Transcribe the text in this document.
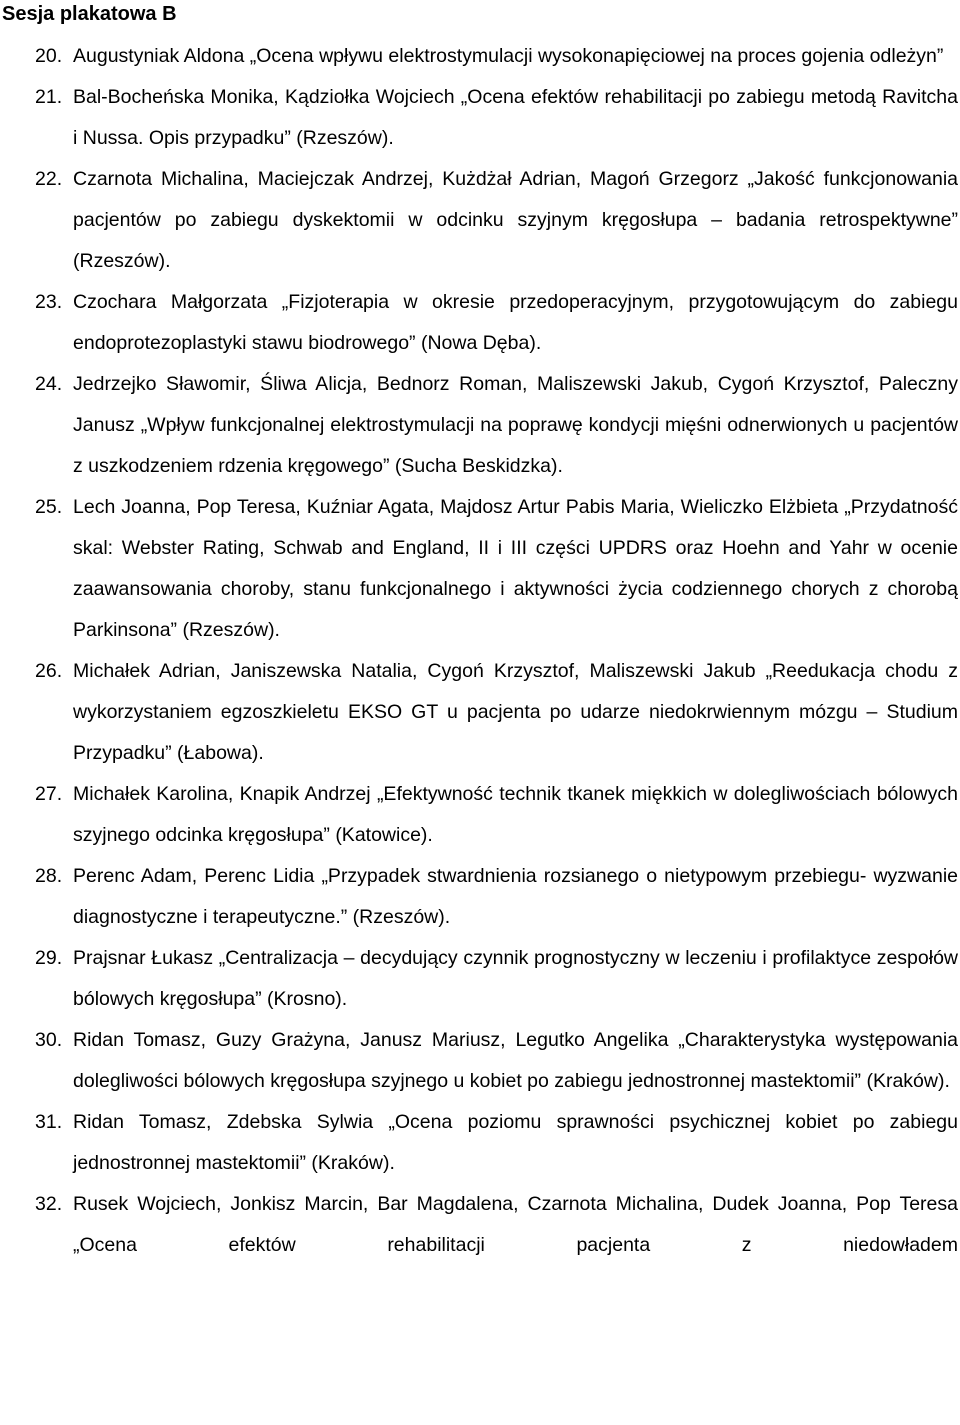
Sesja plakatowa B
20. Augustyniak Aldona „Ocena wpływu elektrostymulacji wysokonapięciowej na proces gojenia odleżyn”
21. Bal-Bocheńska Monika, Kądziołka Wojciech „Ocena efektów rehabilitacji po zabiegu metodą Ravitcha i Nussa. Opis przypadku” (Rzeszów).
22. Czarnota Michalina, Maciejczak Andrzej, Kużdżał Adrian, Magoń Grzegorz „Jakość funkcjonowania pacjentów po zabiegu dyskektomii w odcinku szyjnym kręgosłupa – badania retrospektywne” (Rzeszów).
23. Czochara Małgorzata „Fizjoterapia w okresie przedoperacyjnym, przygotowującym do zabiegu endoprotezoplastyki stawu biodrowego” (Nowa Dęba).
24. Jedrzejko Sławomir, Śliwa Alicja, Bednorz Roman, Maliszewski Jakub, Cygoń Krzysztof, Paleczny Janusz „Wpływ funkcjonalnej elektrostymulacji na poprawę kondycji mięśni odnerwionych u pacjentów z uszkodzeniem rdzenia kręgowego” (Sucha Beskidzka).
25. Lech Joanna, Pop Teresa, Kuźniar Agata, Majdosz Artur Pabis Maria, Wieliczko Elżbieta „Przydatność skal: Webster Rating, Schwab and England, II i III części UPDRS oraz Hoehn and Yahr w ocenie zaawansowania choroby, stanu funkcjonalnego i aktywności życia codziennego chorych z chorobą Parkinsona” (Rzeszów).
26. Michałek Adrian, Janiszewska Natalia, Cygoń Krzysztof, Maliszewski Jakub „Reedukacja chodu z wykorzystaniem egzoszkieletu EKSO GT u pacjenta po udarze niedokrwiennym mózgu – Studium Przypadku” (Łabowa).
27. Michałek Karolina, Knapik Andrzej „Efektywność technik tkanek miękkich w dolegliwościach bólowych szyjnego odcinka kręgosłupa” (Katowice).
28. Perenc Adam, Perenc Lidia „Przypadek stwardnienia rozsianego o nietypowym przebiegu- wyzwanie diagnostyczne i terapeutyczne.” (Rzeszów).
29. Prajsnar Łukasz „Centralizacja – decydujący czynnik prognostyczny w leczeniu i profilaktyce zespołów bólowych kręgosłupa” (Krosno).
30. Ridan Tomasz, Guzy Grażyna, Janusz Mariusz, Legutko Angelika „Charakterystyka występowania dolegliwości bólowych kręgosłupa szyjnego u kobiet po zabiegu jednostronnej mastektomii” (Kraków).
31. Ridan Tomasz, Zdebska Sylwia „Ocena poziomu sprawności psychicznej kobiet po zabiegu jednostronnej mastektomii” (Kraków).
32. Rusek Wojciech, Jonkisz Marcin, Bar Magdalena, Czarnota Michalina, Dudek Joanna, Pop Teresa „Ocena efektów rehabilitacji pacjenta z niedowładem
